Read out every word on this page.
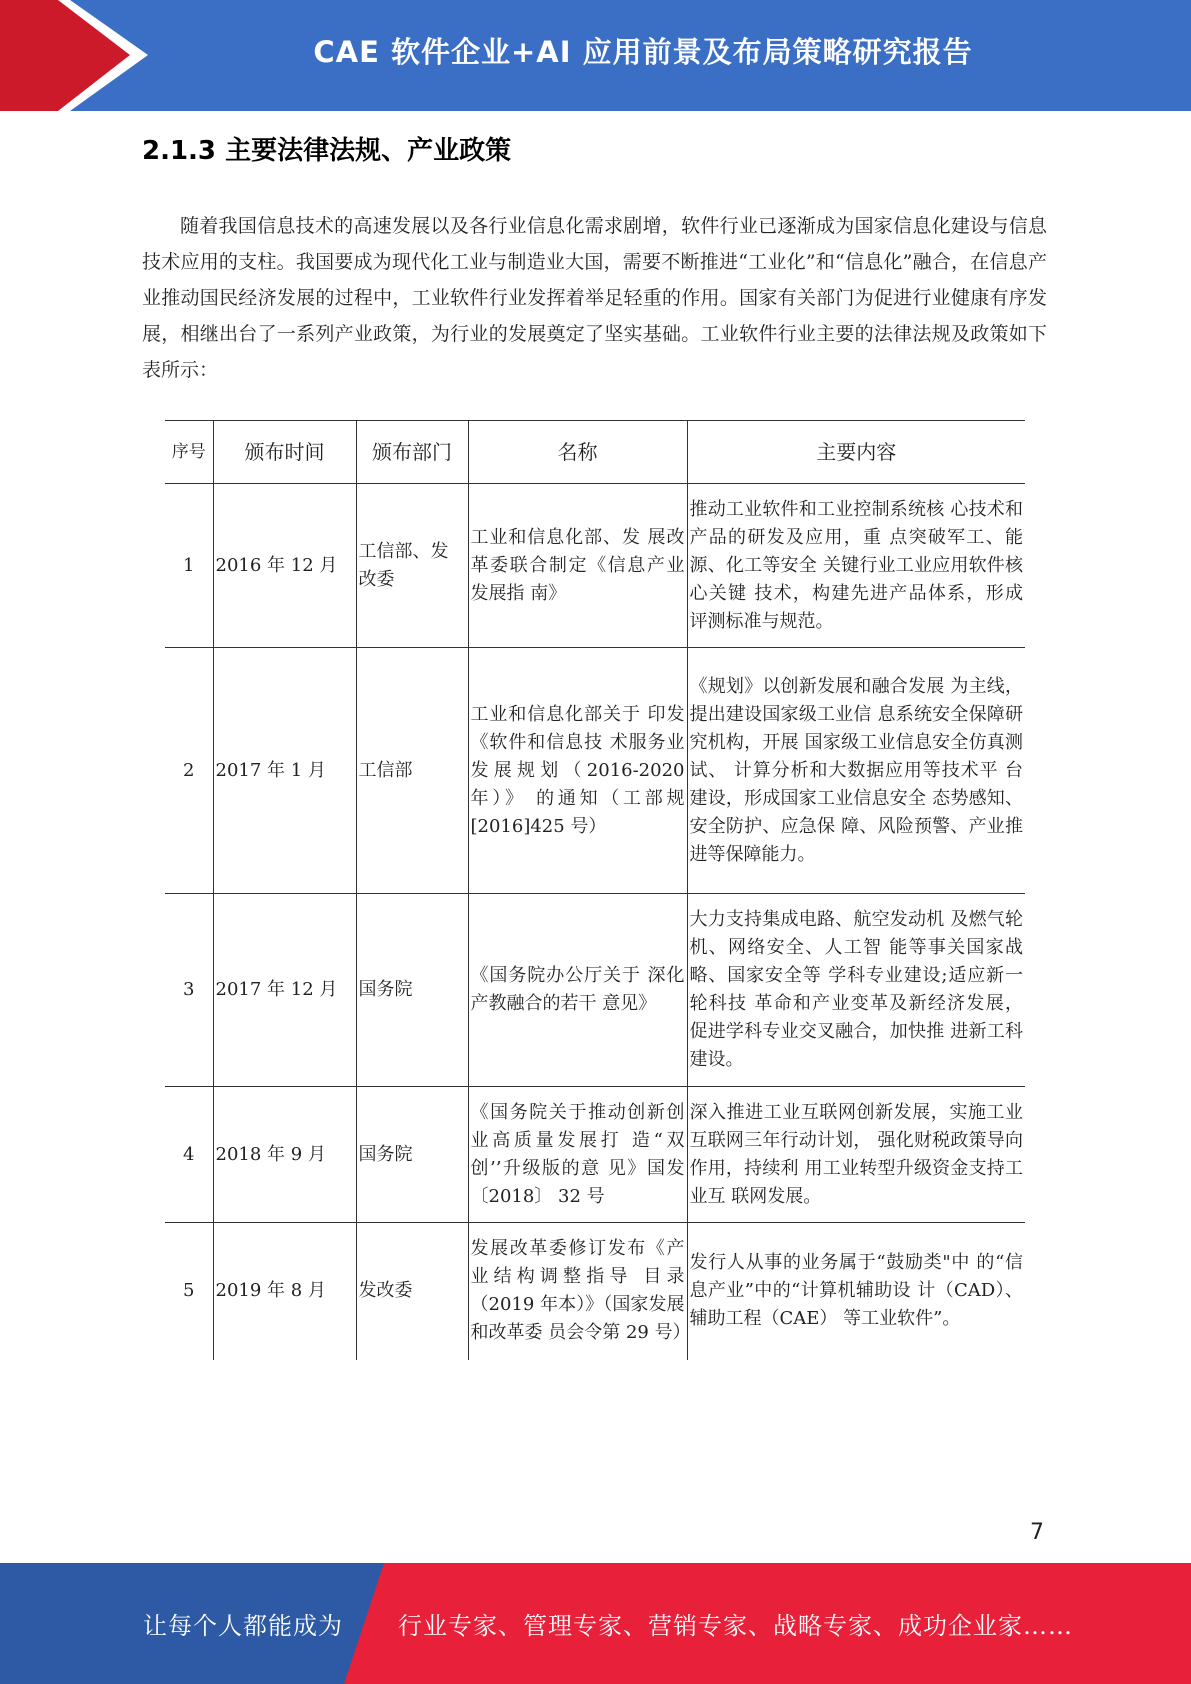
CAE 软件企业+AI 应用前景及布局策略研究报告
2.1.3 主要法律法规、产业政策

随着我国信息技术的高速发展以及各行业信息化需求剧增，软件行业已逐渐成为国家信息化建设与信息技术应用的支柱。我国要成为现代化工业与制造业大国，需要不断推进“工业化”和“信息化”融合，在信息产业推动国民经济发展的过程中，工业软件行业发挥着举足轻重的作用。国家有关部门为促进行业健康有序发展，相继出台了一系列产业政策，为行业的发展奠定了坚实基础。工业软件行业主要的法律法规及政策如下表所示：

序号	颁布时间	颁布部门	名称	主要内容
1	2016 年 12 月	工信部、发改委	工业和信息化部、发 展改革委联合制定《信息产业发展指 南》	推动工业软件和工业控制系统核 心技术和产品的研发及应用，重 点突破军工、能源、化工等安全 关键行业工业应用软件核心关键 技术，构建先进产品体系，形成 评测标准与规范。
2	2017 年 1 月	工信部	工业和信息化部关于 印发《软件和信息技 术服务业发展规划（2016-2020 年）》 的通知（工部规 [2016]425 号）	《规划》以创新发展和融合发展 为主线，提出建设国家级工业信 息系统安全保障研究机构，开展 国家级工业信息安全仿真测试、 计算分析和大数据应用等技术平 台建设，形成国家工业信息安全 态势感知、安全防护、应急保 障、风险预警、产业推进等保障能力。
3	2017 年 12 月	国务院	《国务院办公厅关于 深化产教融合的若干 意见》	大力支持集成电路、航空发动机 及燃气轮机、网络安全、人工智 能等事关国家战略、国家安全等 学科专业建设;适应新一轮科技 革命和产业变革及新经济发展， 促进学科专业交叉融合，加快推 进新工科建设。
4	2018 年 9 月	国务院	《国务院关于推动创新创业高质量发展打 造“双创’’升级版的意 见》国发〔2018〕 32 号	深入推进工业互联网创新发展，实施工业互联网三年行动计划， 强化财税政策导向作用，持续利 用工业转型升级资金支持工业互 联网发展。
5	2019 年 8 月	发改委	发展改革委修订发布《产业结构调整指导 目录（2019 年本）》（国家发展和改革委 员会令第 29 号）	发行人从事的业务属于“鼓励类"中 的“信息产业”中的“计算机辅助设 计（CAD）、辅助工程（CAE） 等工业软件”。
7
让每个人都能成为 行业专家、管理专家、营销专家、战略专家、成功企业家……
